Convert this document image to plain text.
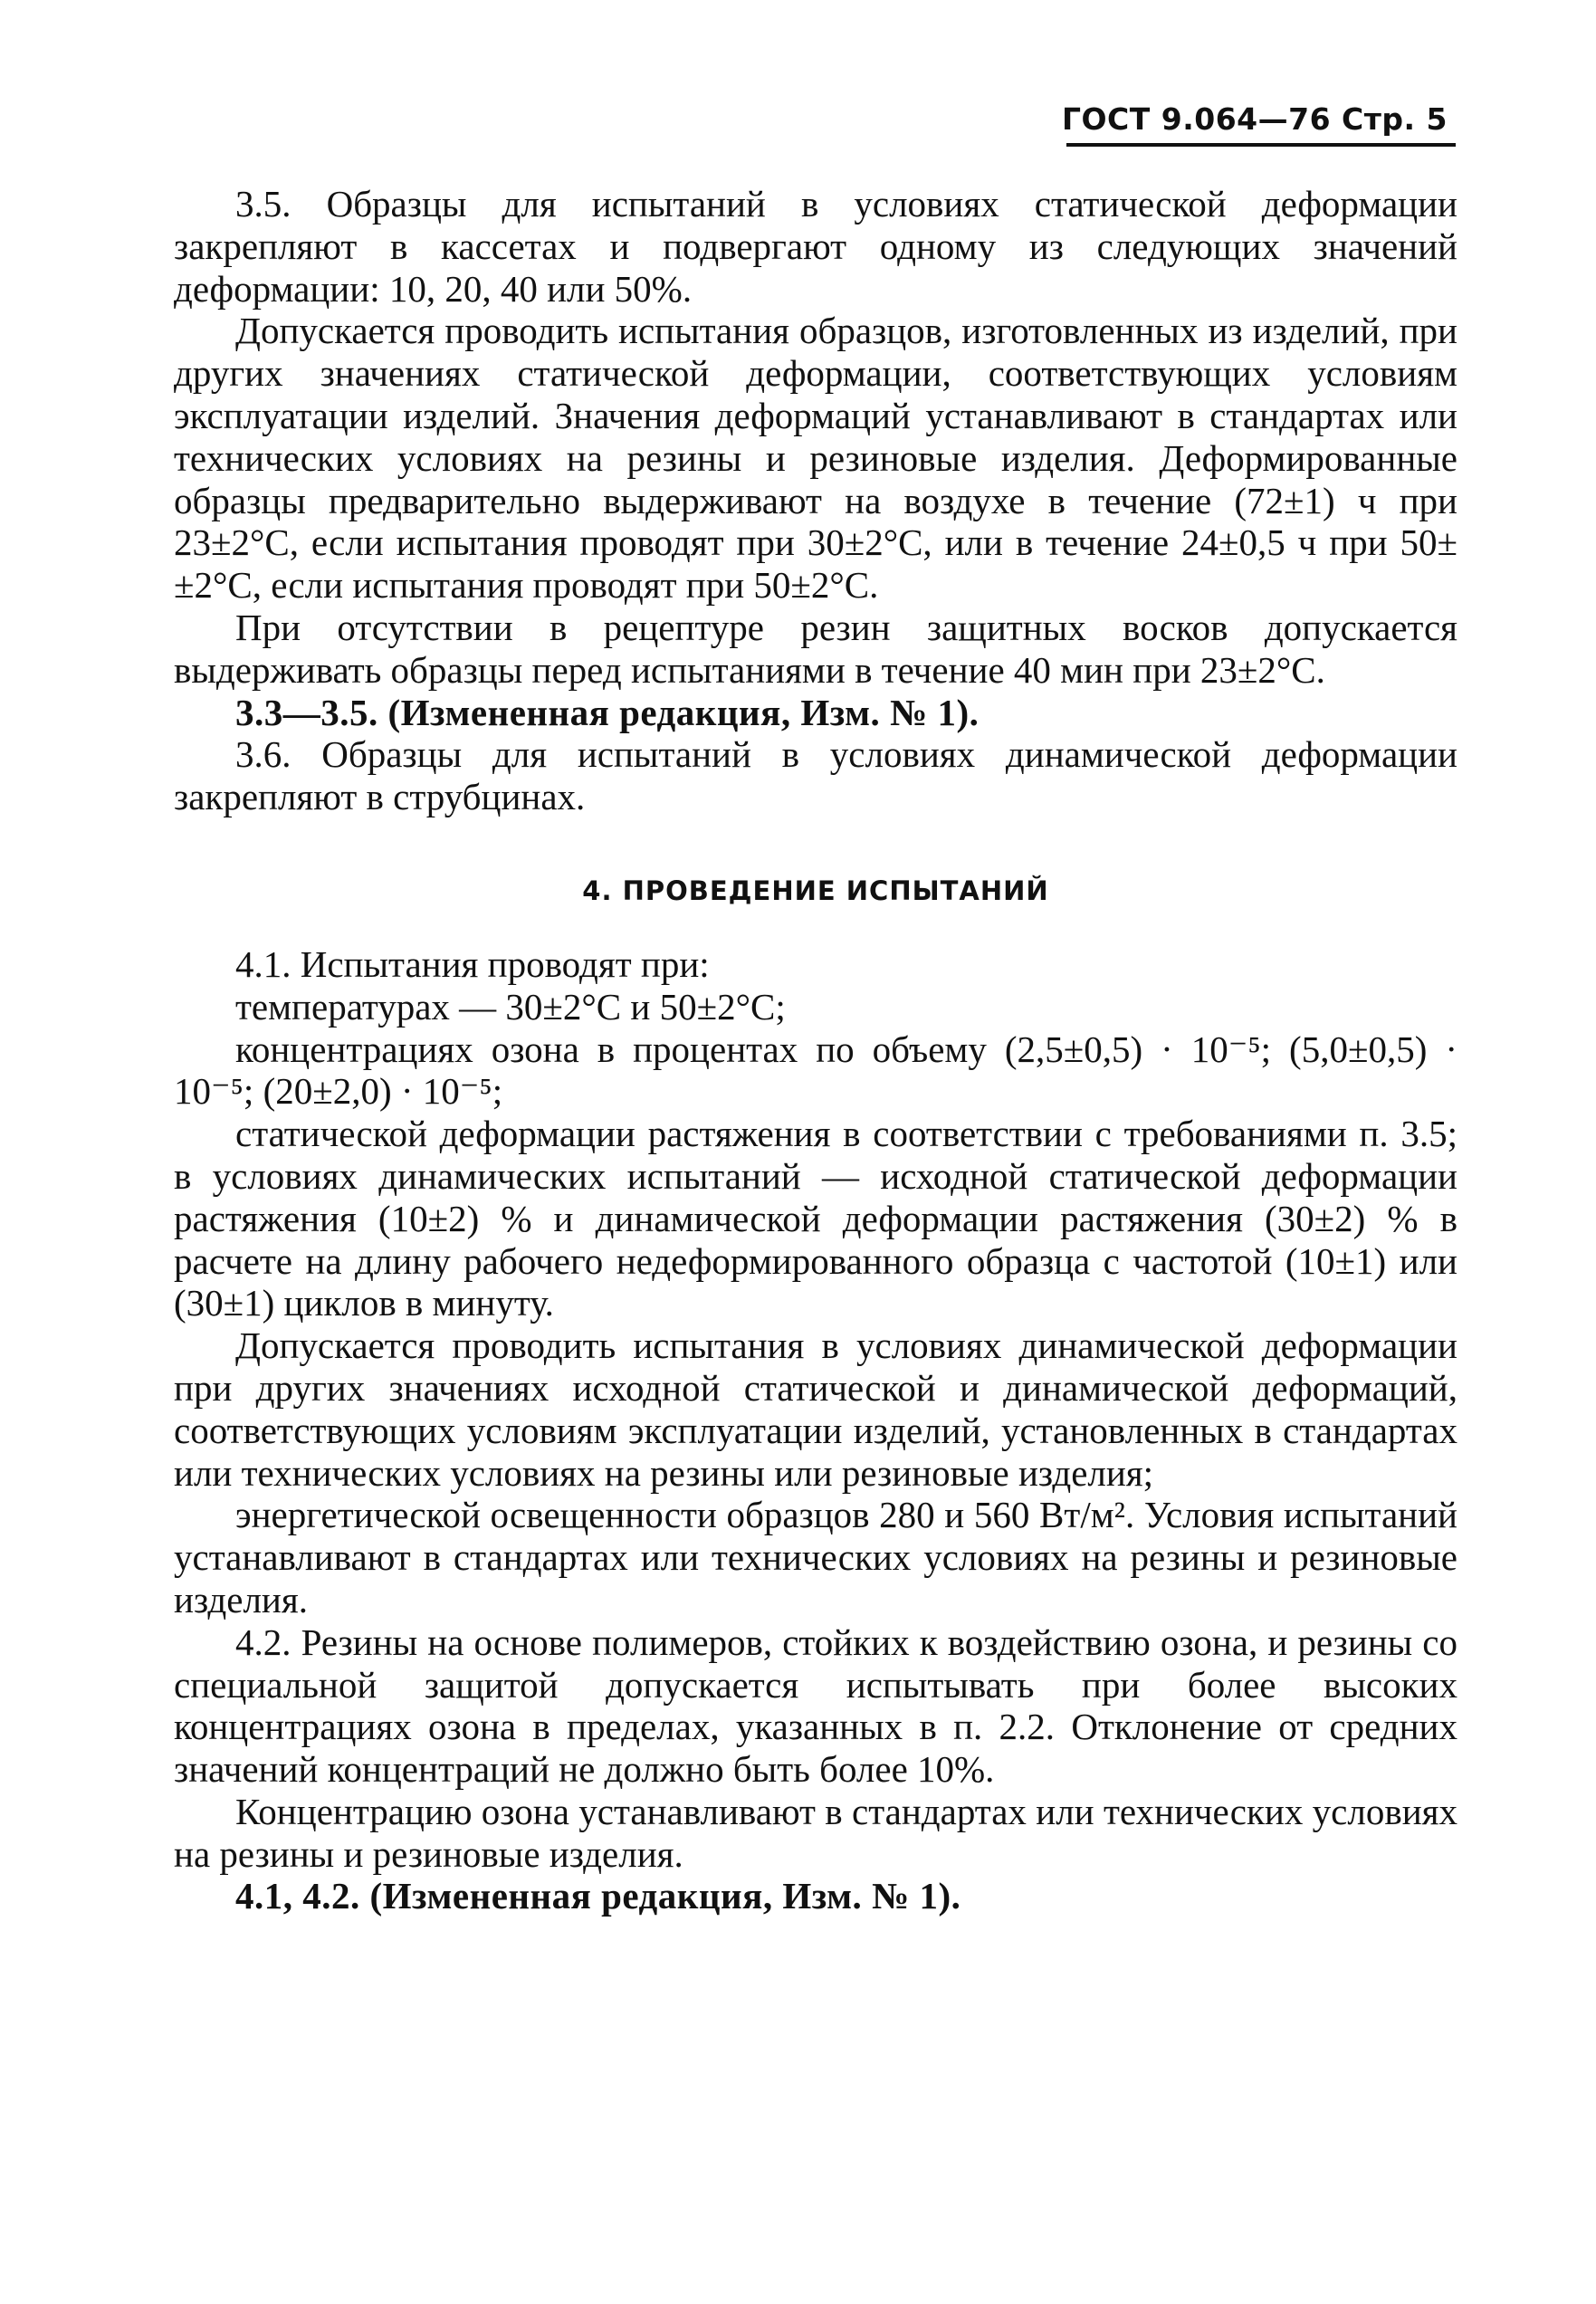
ГОСТ 9.064—76 Стр. 5

3.5. Образцы для испытаний в условиях статической деформации закрепляют в кассетах и подвергают одному из следующих значений деформации: 10, 20, 40 или 50%.

Допускается проводить испытания образцов, изготовленных из изделий, при других значениях статической деформации, соответствующих условиям эксплуатации изделий. Значения деформаций устанавливают в стандартах или технических условиях на резины и резиновые изделия. Деформированные образцы предварительно выдерживают на воздухе в течение (72±1) ч при 23±2°С, если испытания проводят при 30±2°С, или в течение 24±0,5 ч при 50±±2°С, если испытания проводят при 50±2°С.

При отсутствии в рецептуре резин защитных восков допускается выдерживать образцы перед испытаниями в течение 40 мин при 23±2°С.

3.3—3.5. (Измененная редакция, Изм. № 1).

3.6. Образцы для испытаний в условиях динамической деформации закрепляют в струбцинах.

4. ПРОВЕДЕНИЕ ИСПЫТАНИЙ

4.1. Испытания проводят при:

температурах — 30±2°С и 50±2°С;

концентрациях озона в процентах по объему (2,5±0,5) · 10⁻⁵; (5,0±0,5) · 10⁻⁵; (20±2,0) · 10⁻⁵;

статической деформации растяжения в соответствии с требованиями п. 3.5; в условиях динамических испытаний — исходной статической деформации растяжения (10±2) % и динамической деформации растяжения (30±2) % в расчете на длину рабочего недеформированного образца с частотой (10±1) или (30±1) циклов в минуту.

Допускается проводить испытания в условиях динамической деформации при других значениях исходной статической и динамической деформаций, соответствующих условиям эксплуатации изделий, установленных в стандартах или технических условиях на резины или резиновые изделия;

энергетической освещенности образцов 280 и 560 Вт/м². Условия испытаний устанавливают в стандартах или технических условиях на резины и резиновые изделия.

4.2. Резины на основе полимеров, стойких к воздействию озона, и резины со специальной защитой допускается испытывать при более высоких концентрациях озона в пределах, указанных в п. 2.2. Отклонение от средних значений концентраций не должно быть более 10%.

Концентрацию озона устанавливают в стандартах или технических условиях на резины и резиновые изделия.

4.1, 4.2. (Измененная редакция, Изм. № 1).
